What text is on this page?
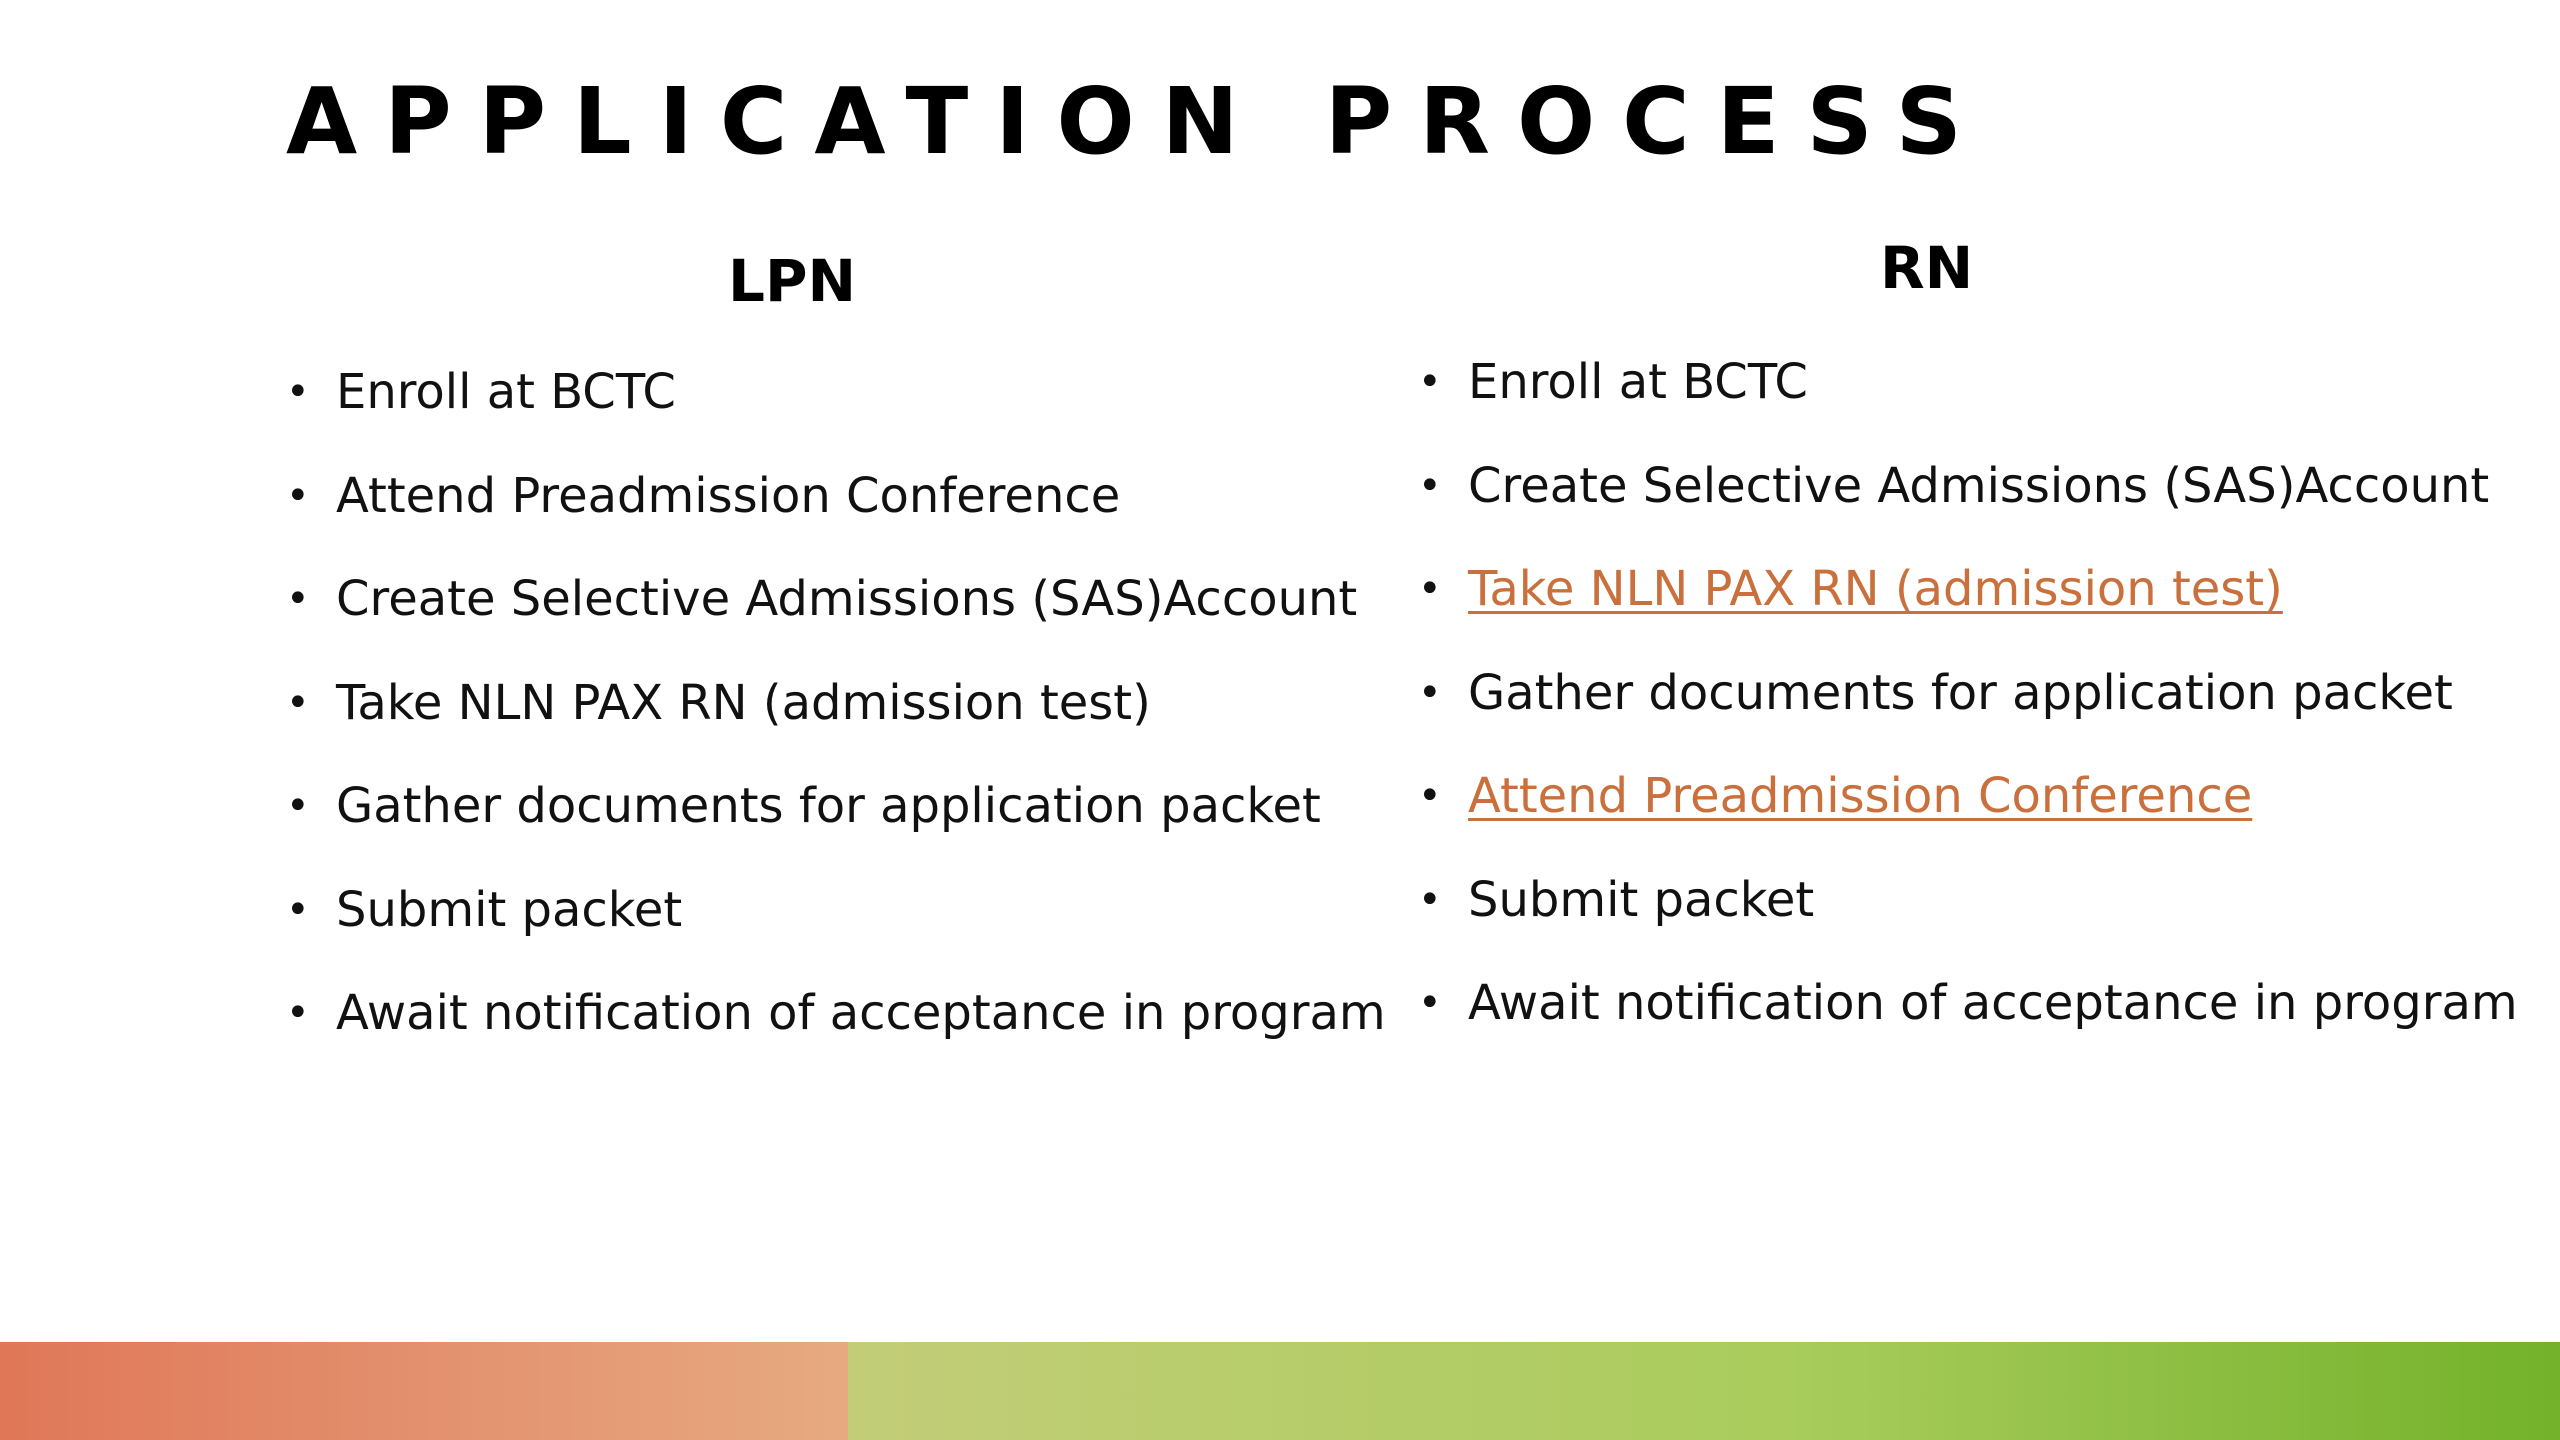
APPLICATION PROCESS
LPN
• Enroll at BCTC
• Attend Preadmission Conference
• Create Selective Admissions (SAS)Account
• Take NLN PAX RN (admission test)
• Gather documents for application packet
• Submit packet
• Await notification of acceptance in program
RN
• Enroll at BCTC
• Create Selective Admissions (SAS)Account
• Take NLN PAX RN (admission test)
• Gather documents for application packet
• Attend Preadmission Conference
• Submit packet
• Await notification of acceptance in program
